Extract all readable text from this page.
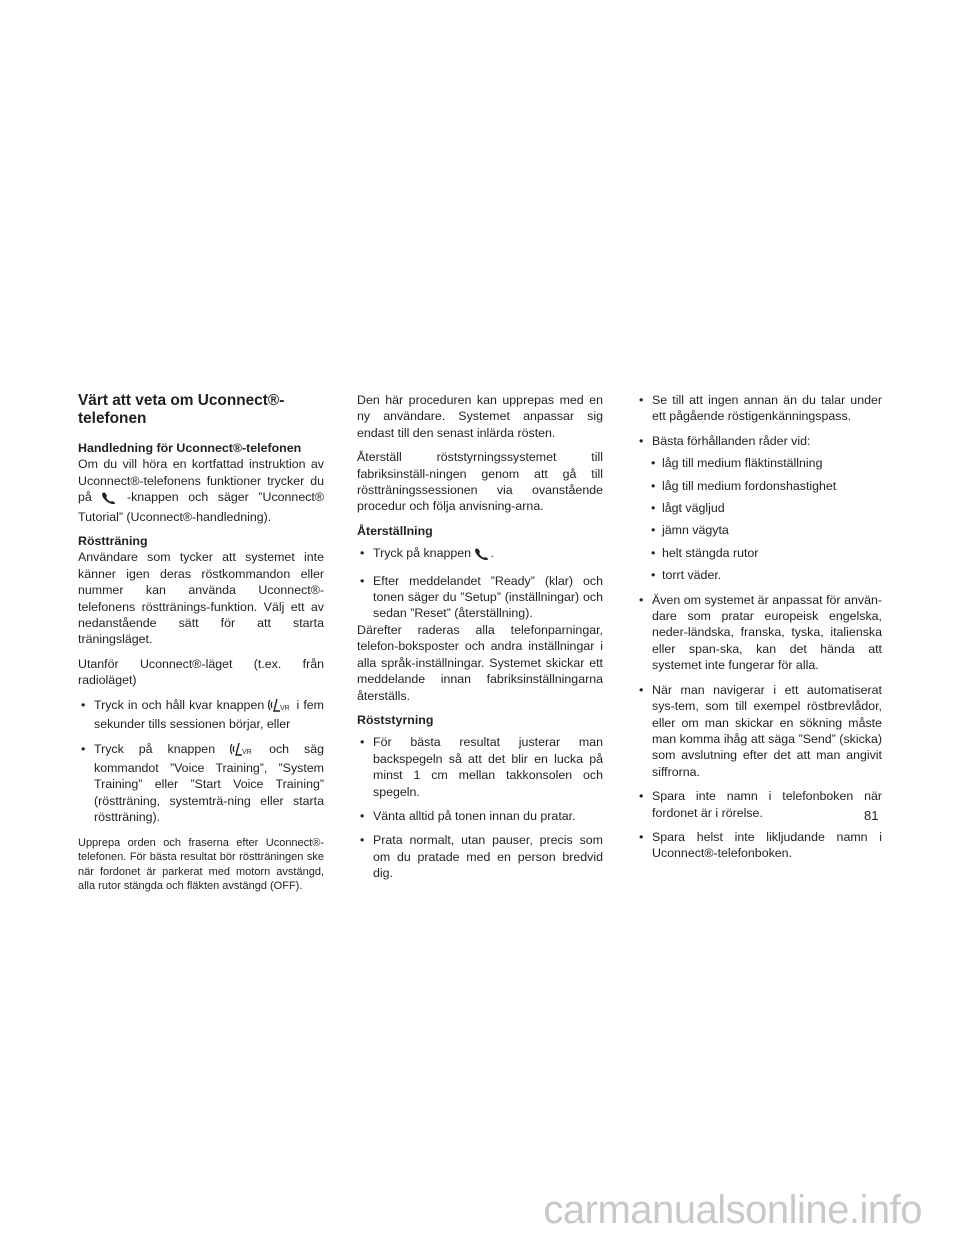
Värt att veta om Uconnect®-telefonen
Handledning för Uconnect®-telefonen

Om du vill höra en kortfattad instruktion av Uconnect®-telefonens funktioner trycker du på	-knappen och säger ”Uconnect® Tutorial” (Uconnect®-handledning).

Röstträning

Användare som tycker att systemet inte känner igen deras röstkommandon eller nummer kan använda Uconnect®-telefonens rösttränings-funktion. Välj ett av nedanstående sätt för att starta träningsläget.

Utanför Uconnect®-läget (t.ex. från radioläget)

• Tryck in och håll kvar knappen VR i fem sekunder tills sessionen börjar, eller
• Tryck på knappen	VR och säg kommandot ”Voice Training”, ”System Training” eller ”Start Voice Training” (röstträning, systemträ-ning eller starta röstträning).
Upprepa orden och fraserna efter Uconnect®-telefonen. För bästa resultat bör röstträningen ske när fordonet är parkerat med motorn avstängd, alla rutor stängda och fläkten avstängd (OFF).

Den här proceduren kan upprepas med en ny användare. Systemet anpassar sig endast till den senast inlärda rösten.

Återställ röststyrningssystemet till fabriksinställ-ningen genom att gå till röstträningssessionen via ovanstående procedur och följa anvisning-arna.

Återställning
• Tryck på knappen .
• Efter meddelandet ”Ready” (klar) och tonen säger du ”Setup” (inställningar) och sedan ”Reset” (återställning).

Därefter raderas alla telefonparningar, telefon-boksposter och andra inställningar i alla språk-inställningar. Systemet skickar ett meddelande innan fabriksinställningarna återställs.

Röststyrning
• För bästa resultat justerar man backspegeln så att det blir en lucka på minst 1 cm mellan takkonsolen och spegeln.
• Vänta alltid på tonen innan du pratar.
• Prata normalt, utan pauser, precis som om du pratade med en person bredvid dig.
• Se till att ingen annan än du talar under ett pågående röstigenkänningspass.
• Bästa förhållanden råder vid:
• låg till medium fläktinställning
• låg till medium fordonshastighet
• lågt vägljud
• jämn vägyta
• helt stängda rutor
• torrt väder.
• Även om systemet är anpassat för använ-dare som pratar europeisk engelska, neder-ländska, franska, tyska, italienska eller span-ska, kan det hända att systemet inte fungerar för alla.
• När man navigerar i ett automatiserat sys-tem, som till exempel röstbrevlådor, eller om man skickar en sökning måste man komma ihåg att säga ”Send” (skicka) som avslutning efter det att man angivit siffrorna.
• Spara inte namn i telefonboken när fordonet är i rörelse.
• Spara helst inte likljudande namn i Uconnect®-telefonboken.
81
carmanualsonline.info
